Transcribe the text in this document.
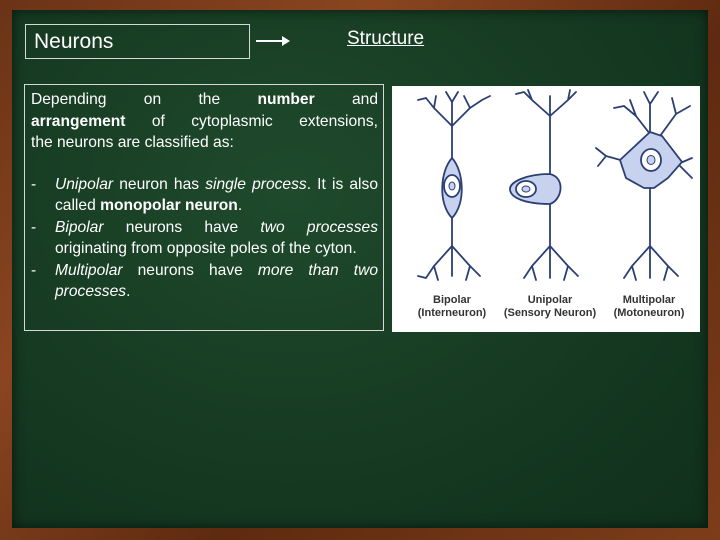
Neurons	Structure

Depending on the number and
arrangement of cytoplasmic extensions,
the neurons are classified as:

- Unipolar neuron has single process. It is also called monopolar neuron.
- Bipolar neurons have two processes originating from opposite poles of the cyton.
- Multipolar neurons have more than two processes.	Bipolar
(Interneuron)
Unipolar
(Sensory Neuron)
Multipolar
(Motoneuron)
